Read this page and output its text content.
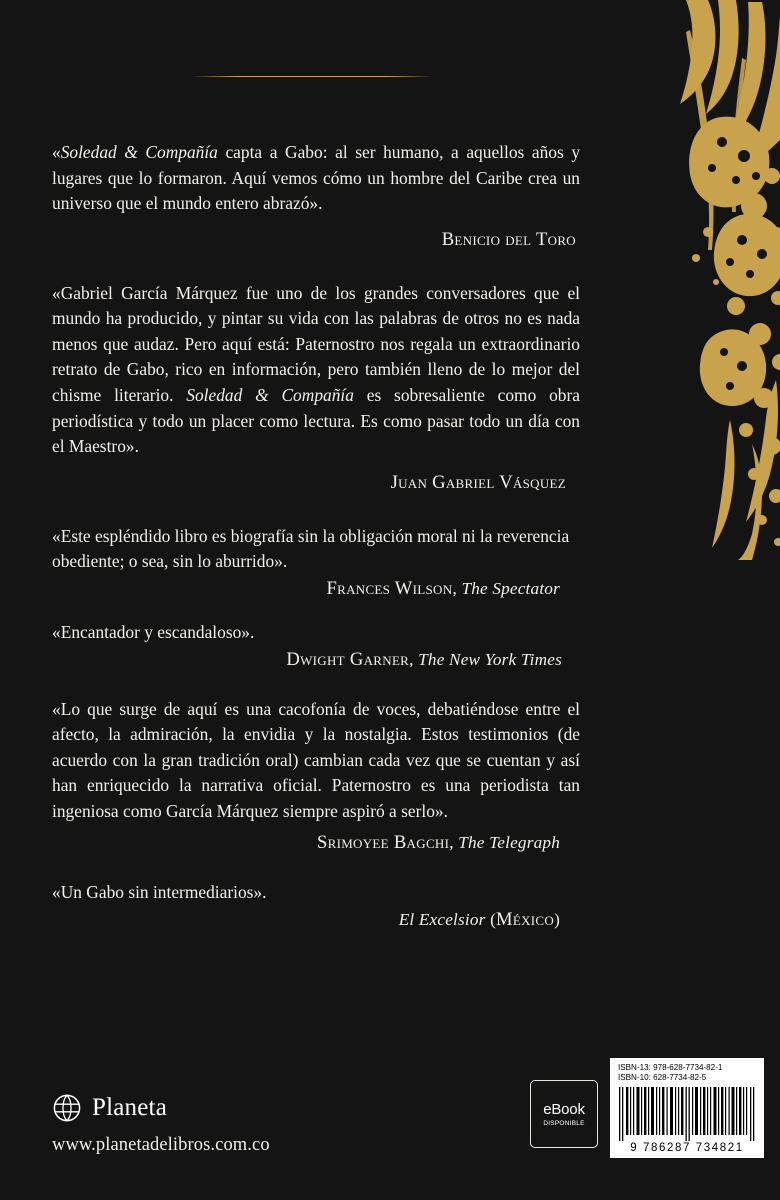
«Soledad & Compañía capta a Gabo: al ser humano, a aquellos años y lugares que lo formaron. Aquí vemos cómo un hombre del Caribe crea un universo que el mundo entero abrazó».

Benicio del Toro

«Gabriel García Márquez fue uno de los grandes conversadores que el mundo ha producido, y pintar su vida con las palabras de otros no es nada menos que audaz. Pero aquí está: Paternostro nos regala un extraordinario retrato de Gabo, rico en información, pero también lleno de lo mejor del chisme literario. Soledad & Compañía es sobresaliente como obra periodística y todo un placer como lectura. Es como pasar todo un día con el Maestro».

Juan Gabriel Vásquez

«Este espléndido libro es biografía sin la obligación moral ni la reverencia obediente; o sea, sin lo aburrido».

Frances Wilson, The Spectator

«Encantador y escandaloso».

Dwight Garner, The New York Times

«Lo que surge de aquí es una cacofonía de voces, debatiéndose entre el afecto, la admiración, la envidia y la nostalgia. Estos testimonios (de acuerdo con la gran tradición oral) cambian cada vez que se cuentan y así han enriquecido la narrativa oficial. Paternostro es una periodista tan ingeniosa como García Márquez siempre aspiró a serlo».

Srimoyee Bagchi, The Telegraph

«Un Gabo sin intermediarios».

El Excelsior (México)
Planeta
www.planetadelibros.com.co
eBook
DISPONIBLE
ISBN-13: 978-628-7734-82-1
ISBN-10: 628-7734-82-5
9 786287 734821
